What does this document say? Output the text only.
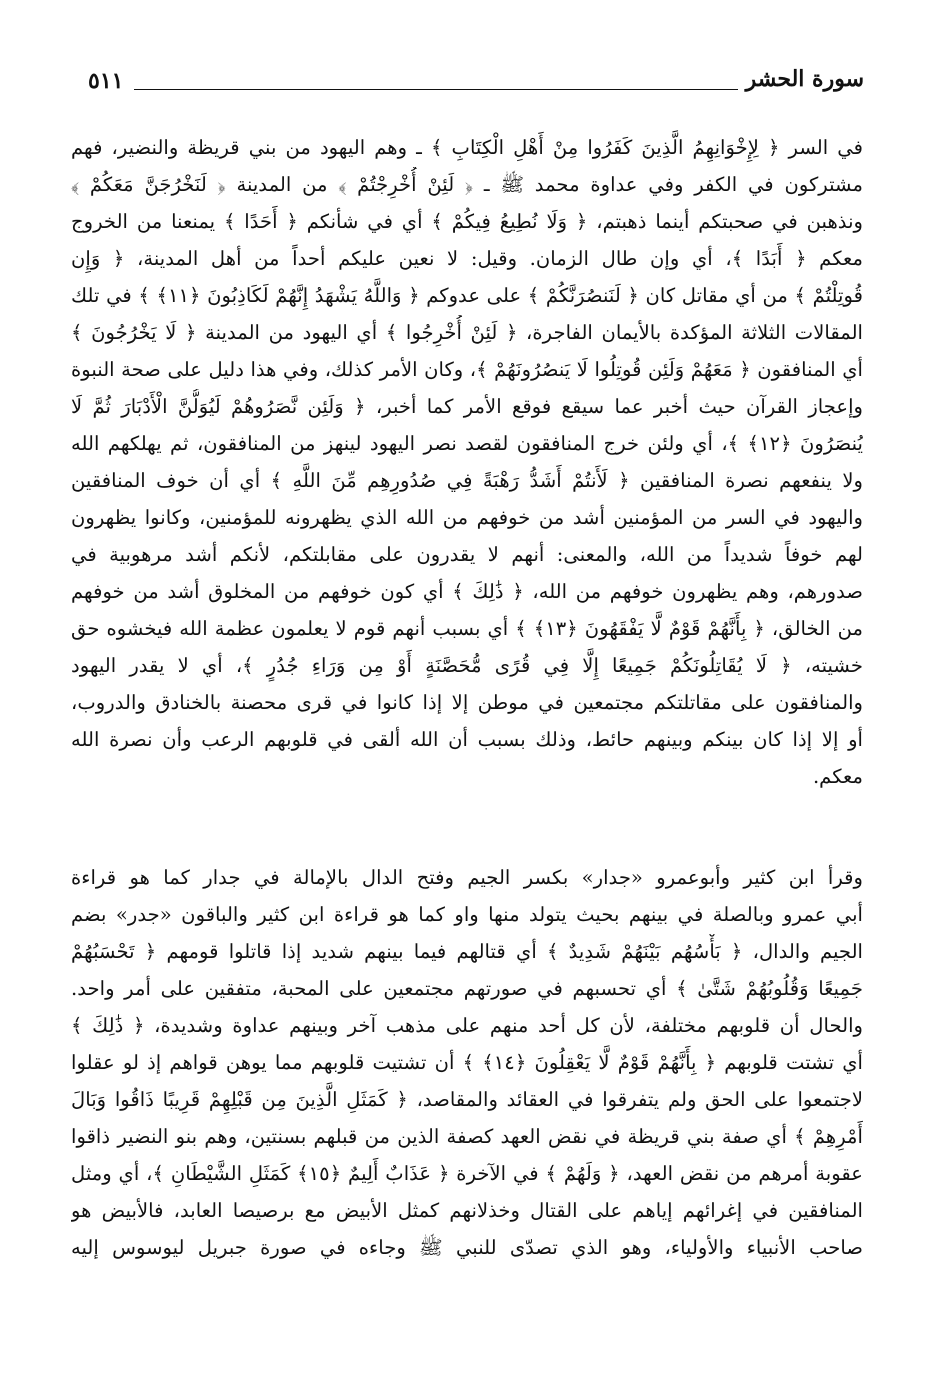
سورة الحشر
٥١١
في السر ﴿ لِإِخْوَانِهِمُ الَّذِينَ كَفَرُوا مِنْ أَهْلِ الْكِتَابِ ﴾ ـ وهم اليهود من بني قريظة والنضير، فهم
مشتركون في الكفر وفي عداوة محمد ﷺ ـ ﴿ لَئِنْ أُخْرِجْتُمْ ﴾ من المدينة ﴿ لَنَخْرُجَنَّ مَعَكُمْ ﴾
ونذهبن في صحبتكم أينما ذهبتم، ﴿ وَلَا نُطِيعُ فِيكُمْ ﴾ أي في شأنكم ﴿ أَحَدًا ﴾ يمنعنا من الخروج
معكم ﴿ أَبَدًا ﴾، أي وإن طال الزمان. وقيل: لا نعين عليكم أحداً من أهل المدينة، ﴿ وَإِن
قُوتِلْتُمْ ﴾ من أي مقاتل كان ﴿ لَنَنصُرَنَّكُمْ ﴾ على عدوكم ﴿ وَاللَّهُ يَشْهَدُ إِنَّهُمْ لَكَاذِبُونَ ﴿١١﴾ ﴾ في تلك
المقالات الثلاثة المؤكدة بالأيمان الفاجرة، ﴿ لَئِنْ أُخْرِجُوا ﴾ أي اليهود من المدينة ﴿ لَا يَخْرُجُونَ ﴾
أي المنافقون ﴿ مَعَهُمْ وَلَئِن قُوتِلُوا لَا يَنصُرُونَهُمْ ﴾، وكان الأمر كذلك، وفي هذا دليل على صحة النبوة
وإعجاز القرآن حيث أخبر عما سيقع فوقع الأمر كما أخبر، ﴿ وَلَئِن نَّصَرُوهُمْ لَيُوَلُّنَّ الْأَدْبَارَ ثُمَّ لَا
يُنصَرُونَ ﴿١٢﴾ ﴾، أي ولئن خرج المنافقون لقصد نصر اليهود لينهز من المنافقون، ثم يهلكهم الله
ولا ينفعهم نصرة المنافقين ﴿ لَأَنتُمْ أَشَدُّ رَهْبَةً فِي صُدُورِهِم مِّنَ اللَّهِ ﴾ أي أن خوف المنافقين
واليهود في السر من المؤمنين أشد من خوفهم من الله الذي يظهرونه للمؤمنين، وكانوا يظهرون
لهم خوفاً شديداً من الله، والمعنى: أنهم لا يقدرون على مقابلتكم، لأنكم أشد مرهوبية في
صدورهم، وهم يظهرون خوفهم من الله، ﴿ ذَٰلِكَ ﴾ أي كون خوفهم من المخلوق أشد من خوفهم
من الخالق، ﴿ بِأَنَّهُمْ قَوْمٌ لَّا يَفْقَهُونَ ﴿١٣﴾ ﴾ أي بسبب أنهم قوم لا يعلمون عظمة الله فيخشوه حق
خشيته، ﴿ لَا يُقَاتِلُونَكُمْ جَمِيعًا إِلَّا فِي قُرًى مُّحَصَّنَةٍ أَوْ مِن وَرَاءِ جُدُرٍ ﴾، أي لا يقدر اليهود
والمنافقون على مقاتلتكم مجتمعين في موطن إلا إذا كانوا في قرى محصنة بالخنادق والدروب،
أو إلا إذا كان بينكم وبينهم حائط، وذلك بسبب أن الله ألقى في قلوبهم الرعب وأن نصرة الله
معكم.
وقرأ ابن كثير وأبوعمرو «جدار» بكسر الجيم وفتح الدال بالإمالة في جدار كما هو قراءة
أبي عمرو وبالصلة في بينهم بحيث يتولد منها واو كما هو قراءة ابن كثير والباقون «جدر» بضم
الجيم والدال، ﴿ بَأْسُهُم بَيْنَهُمْ شَدِيدٌ ﴾ أي قتالهم فيما بينهم شديد إذا قاتلوا قومهم ﴿ تَحْسَبُهُمْ
جَمِيعًا وَقُلُوبُهُمْ شَتَّىٰ ﴾ أي تحسبهم في صورتهم مجتمعين على المحبة، متفقين على أمر واحد.
والحال أن قلوبهم مختلفة، لأن كل أحد منهم على مذهب آخر وبينهم عداوة وشديدة، ﴿ ذَٰلِكَ ﴾
أي تشتت قلوبهم ﴿ بِأَنَّهُمْ قَوْمٌ لَّا يَعْقِلُونَ ﴿١٤﴾ ﴾ أن تشتيت قلوبهم مما يوهن قواهم إذ لو عقلوا
لاجتمعوا على الحق ولم يتفرقوا في العقائد والمقاصد، ﴿ كَمَثَلِ الَّذِينَ مِن قَبْلِهِمْ قَرِيبًا ذَاقُوا وَبَالَ
أَمْرِهِمْ ﴾ أي صفة بني قريظة في نقض العهد كصفة الذين من قبلهم بسنتين، وهم بنو النضير ذاقوا
عقوبة أمرهم من نقض العهد، ﴿ وَلَهُمْ ﴾ في الآخرة ﴿ عَذَابٌ أَلِيمٌ ﴿١٥﴾ كَمَثَلِ الشَّيْطَانِ ﴾، أي ومثل
المنافقين في إغرائهم إياهم على القتال وخذلانهم كمثل الأبيض مع برصيصا العابد، فالأبيض هو
صاحب الأنبياء والأولياء، وهو الذي تصدّى للنبي ﷺ وجاءه في صورة جبريل ليوسوس إليه
